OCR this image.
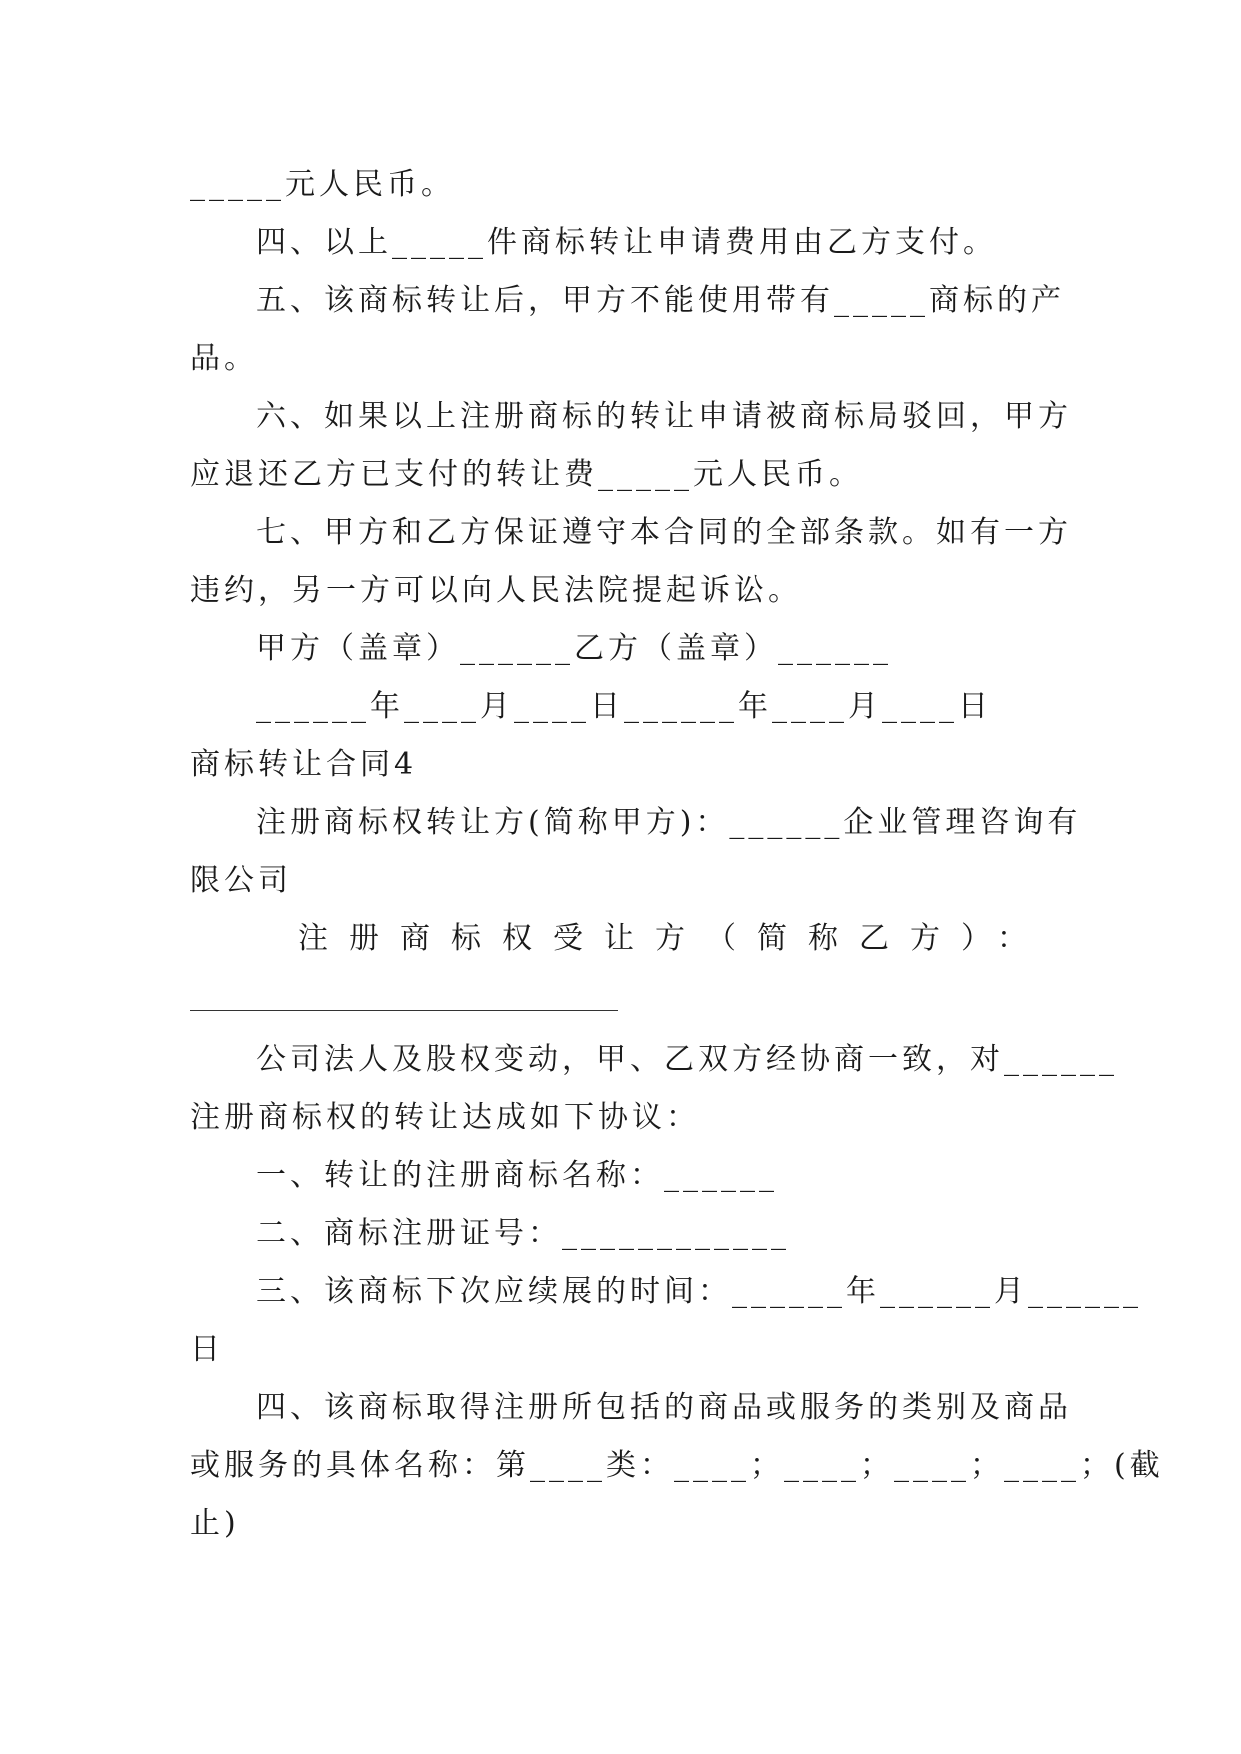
_____元人民币。
四、以上_____件商标转让申请费用由乙方支付。
五、该商标转让后，甲方不能使用带有_____商标的产
品。
六、如果以上注册商标的转让申请被商标局驳回，甲方
应退还乙方已支付的转让费_____元人民币。
七、甲方和乙方保证遵守本合同的全部条款。如有一方
违约，另一方可以向人民法院提起诉讼。
甲方（盖章）______乙方（盖章）______
______年____月____日______年____月____日
商标转让合同4
注册商标权转让方(简称甲方)：______企业管理咨询有
限公司
注册商标权受让方（简称乙方）：
公司法人及股权变动，甲、乙双方经协商一致，对______
注册商标权的转让达成如下协议：
一、转让的注册商标名称：______
二、商标注册证号：____________
三、该商标下次应续展的时间：______年______月______
日
四、该商标取得注册所包括的商品或服务的类别及商品
或服务的具体名称：第____类：____；____；____；____；(截
止)
